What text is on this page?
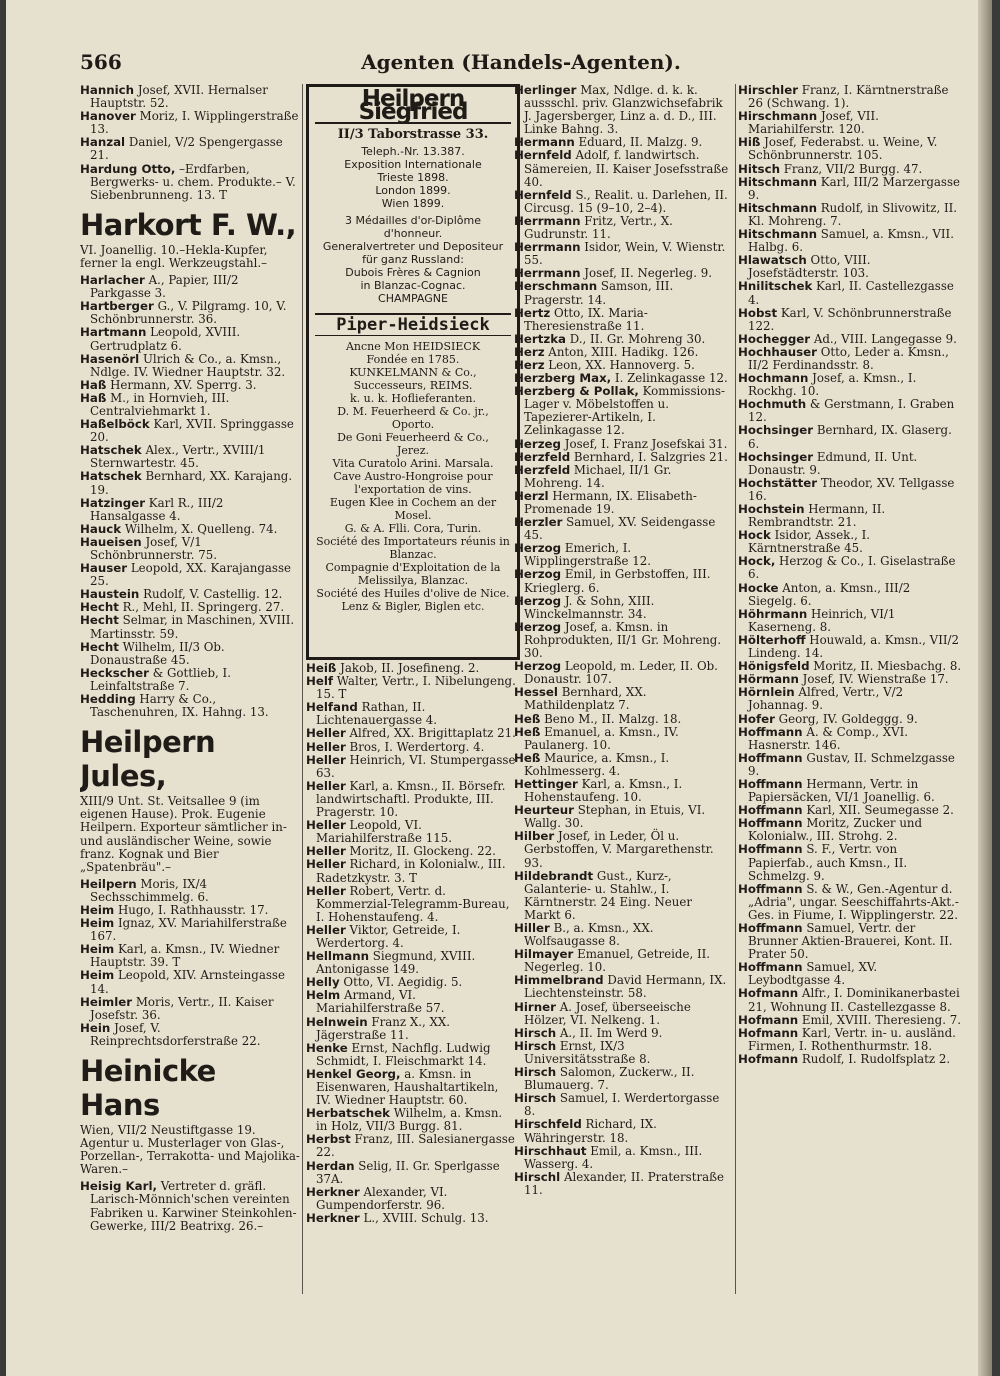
566	Agenten (Handels-Agenten).

Hannich Josef, XVII. Hernalser Hauptstr. 52.

Hanover Moriz, I. Wipplingerstraße 13.

Hanzal Daniel, V/2 Spengergasse 21.

Hardung Otto, –Erdfarben, Bergwerks- u. chem. Produkte.– V. Siebenbrunneng. 13. T

Harkort F. W.,

VI. Joanellig. 10.–Hekla-Kupfer, ferner la engl. Werkzeugstahl.–

Harlacher A., Papier, III/2 Parkgasse 3.

Hartberger G., V. Pilgramg. 10, V. Schönbrunnerstr. 36.

Hartmann Leopold, XVIII. Gertrudplatz 6.

Hasenörl Ulrich & Co., a. Kmsn., Ndlge. IV. Wiedner Hauptstr. 32.

Haß Hermann, XV. Sperrg. 3.

Haß M., in Hornvieh, III. Centralviehmarkt 1.

Haßelböck Karl, XVII. Springgasse 20.

Hatschek Alex., Vertr., XVIII/1 Sternwartestr. 45.

Hatschek Bernhard, XX. Karajang. 19.

Hatzinger Karl R., III/2 Hansalgasse 4.

Hauck Wilhelm, X. Quelleng. 74.

Haueisen Josef, V/1 Schönbrunnerstr. 75.

Hauser Leopold, XX. Karajangasse 25.

Haustein Rudolf, V. Castellig. 12.

Hecht R., Mehl, II. Springerg. 27.

Hecht Selmar, in Maschinen, XVIII. Martinsstr. 59.

Hecht Wilhelm, II/3 Ob. Donaustraße 45.

Heckscher & Gottlieb, I. Leinfaltstraße 7.

Hedding Harry & Co., Taschenuhren, IX. Hahng. 13.

Heilpern Jules,

XIII/9 Unt. St. Veitsallee 9 (im eigenen Hause). Prok. Eugenie Heilpern. Exporteur sämtlicher in- und ausländischer Weine, sowie franz. Kognak und Bier „Spatenbräu".–

Heilpern Moris, IX/4 Sechsschimmelg. 6.

Heim Hugo, I. Rathhausstr. 17.

Heim Ignaz, XV. Mariahilferstraße 167.

Heim Karl, a. Kmsn., IV. Wiedner Hauptstr. 39. T

Heim Leopold, XIV. Arnsteingasse 14.

Heimler Moris, Vertr., II. Kaiser Josefstr. 36.

Hein Josef, V. Reinprechtsdorferstraße 22.

Heinicke Hans

Wien, VII/2 Neustiftgasse 19. Agentur u. Musterlager von Glas-, Porzellan-, Terrakotta- und Majolika-Waren.–

Heisig Karl, Vertreter d. gräfl. Larisch-Mönnich'schen vereinten Fabriken u. Karwiner Steinkohlen-Gewerke, III/2 Beatrixg. 26.–

Heilpern Siegfried
II/3 Taborstrasse 33.
Teleph.-Nr. 13.387.
Exposition Internationale
Trieste 1898.
London 1899.
Wien 1899.
3 Médailles d'or-Diplôme d'honneur.
Generalvertreter und Depositeur
für ganz Russland:
Dubois Frères & Cagnion
in Blanzac-Cognac.
CHAMPAGNE
Piper-Heidsieck
Ancne Mon HEIDSIECK
Fondée en 1785.
KUNKELMANN & Co., Successeurs, REIMS.
k. u. k. Hoflieferanten.
D. M. Feuerheerd & Co. jr.,
Oporto.
De Goni Feuerheerd & Co.,
Jerez.
Vita Curatolo Arini. Marsala.
Cave Austro-Hongroise pour l'exportation de vins.
Eugen Klee in Cochem an der Mosel.
G. & A. Flli. Cora, Turin.
Société des Importateurs réunis in Blanzac.
Compagnie d'Exploitation de la Melissilya, Blanzac.
Société des Huiles d'olive de Nice.
Lenz & Bigler, Biglen etc.

Heiß Jakob, II. Josefineng. 2.

Helf Walter, Vertr., I. Nibelungeng. 15. T

Helfand Rathan, II. Lichtenauergasse 4.

Heller Alfred, XX. Brigittaplatz 21.

Heller Bros, I. Werdertorg. 4.

Heller Heinrich, VI. Stumpergasse 63.

Heller Karl, a. Kmsn., II. Börsefr. landwirtschaftl. Produkte, III. Pragerstr. 10.

Heller Leopold, VI. Mariahilferstraße 115.

Heller Moritz, II. Glockeng. 22.

Heller Richard, in Kolonialw., III. Radetzkystr. 3. T

Heller Robert, Vertr. d. Kommerzial-Telegramm-Bureau, I. Hohenstaufeng. 4.

Heller Viktor, Getreide, I. Werdertorg. 4.

Hellmann Siegmund, XVIII. Antonigasse 149.

Helly Otto, VI. Aegidig. 5.

Helm Armand, VI. Mariahilferstraße 57.

Helnwein Franz X., XX. Jägerstraße 11.

Henke Ernst, Nachflg. Ludwig Schmidt, I. Fleischmarkt 14.

Henkel Georg, a. Kmsn. in Eisenwaren, Haushaltartikeln, IV. Wiedner Hauptstr. 60.

Herbatschek Wilhelm, a. Kmsn. in Holz, VII/3 Burgg. 81.

Herbst Franz, III. Salesianergasse 22.

Herdan Selig, II. Gr. Sperlgasse 37A.

Herkner Alexander, VI. Gumpendorferstr. 96.

Herkner L., XVIII. Schulg. 13.

Herlinger Max, Ndlge. d. k. k. aussschl. priv. Glanzwichsefabrik J. Jagersberger, Linz a. d. D., III. Linke Bahng. 3.

Hermann Eduard, II. Malzg. 9.

Hernfeld Adolf, f. landwirtsch. Sämereien, II. Kaiser Josefsstraße 40.

Hernfeld S., Realit. u. Darlehen, II. Circusg. 15 (9–10, 2–4).

Herrmann Fritz, Vertr., X. Gudrunstr. 11.

Herrmann Isidor, Wein, V. Wienstr. 55.

Herrmann Josef, II. Negerleg. 9.

Herschmann Samson, III. Pragerstr. 14.

Hertz Otto, IX. Maria-Theresienstraße 11.

Hertzka D., II. Gr. Mohreng 30.

Herz Anton, XIII. Hadikg. 126.

Herz Leon, XX. Hannoverg. 5.

Herzberg Max, I. Zelinkagasse 12.

Herzberg & Pollak, Kommissions-Lager v. Möbelstoffen u. Tapezierer-Artikeln, I. Zelinkagasse 12.

Herzeg Josef, I. Franz Josefskai 31.

Herzfeld Bernhard, I. Salzgries 21.

Herzfeld Michael, II/1 Gr. Mohreng. 14.

Herzl Hermann, IX. Elisabeth-Promenade 19.

Herzler Samuel, XV. Seidengasse 45.

Herzog Emerich, I. Wipplingerstraße 12.

Herzog Emil, in Gerbstoffen, III. Krieglerg. 6.

Herzog J. & Sohn, XIII. Winckelmannstr. 34.

Herzog Josef, a. Kmsn. in Rohprodukten, II/1 Gr. Mohreng. 30.

Herzog Leopold, m. Leder, II. Ob. Donaustr. 107.

Hessel Bernhard, XX. Mathildenplatz 7.

Heß Beno M., II. Malzg. 18.

Heß Emanuel, a. Kmsn., IV. Paulanerg. 10.

Heß Maurice, a. Kmsn., I. Kohlmesserg. 4.

Hettinger Karl, a. Kmsn., I. Hohenstaufeng. 10.

Heurteur Stephan, in Etuis, VI. Wallg. 30.

Hilber Josef, in Leder, Öl u. Gerbstoffen, V. Margarethenstr. 93.

Hildebrandt Gust., Kurz-, Galanterie- u. Stahlw., I. Kärntnerstr. 24 Eing. Neuer Markt 6.

Hiller B., a. Kmsn., XX. Wolfsaugasse 8.

Hilmayer Emanuel, Getreide, II. Negerleg. 10.

Himmelbrand David Hermann, IX. Liechtensteinstr. 58.

Hirner A. Josef, überseeische Hölzer, VI. Nelkeng. 1.

Hirsch A., II. Im Werd 9.

Hirsch Ernst, IX/3 Universitätsstraße 8.

Hirsch Salomon, Zuckerw., II. Blumauerg. 7.

Hirsch Samuel, I. Werdertorgasse 8.

Hirschfeld Richard, IX. Währingerstr. 18.

Hirschhaut Emil, a. Kmsn., III. Wasserg. 4.

Hirschl Alexander, II. Praterstraße 11.

Hirschler Franz, I. Kärntnerstraße 26 (Schwang. 1).

Hirschmann Josef, VII. Mariahilferstr. 120.

Hiß Josef, Federabst. u. Weine, V. Schönbrunnerstr. 105.

Hitsch Franz, VII/2 Burgg. 47.

Hitschmann Karl, III/2 Marzergasse 9.

Hitschmann Rudolf, in Slivowitz, II. Kl. Mohreng. 7.

Hitschmann Samuel, a. Kmsn., VII. Halbg. 6.

Hlawatsch Otto, VIII. Josefstädterstr. 103.

Hnilitschek Karl, II. Castellezgasse 4.

Hobst Karl, V. Schönbrunnerstraße 122.

Hochegger Ad., VIII. Langegasse 9.

Hochhauser Otto, Leder a. Kmsn., II/2 Ferdinandsstr. 8.

Hochmann Josef, a. Kmsn., I. Rockhg. 10.

Hochmuth & Gerstmann, I. Graben 12.

Hochsinger Bernhard, IX. Glaserg. 6.

Hochsinger Edmund, II. Unt. Donaustr. 9.

Hochstätter Theodor, XV. Tellgasse 16.

Hochstein Hermann, II. Rembrandtstr. 21.

Hock Isidor, Assek., I. Kärntnerstraße 45.

Hock, Herzog & Co., I. Giselastraße 6.

Hocke Anton, a. Kmsn., III/2 Siegelg. 6.

Höhrmann Heinrich, VI/1 Kaserneng. 8.

Hölterhoff Houwald, a. Kmsn., VII/2 Lindeng. 14.

Hönigsfeld Moritz, II. Miesbachg. 8.

Hörmann Josef, IV. Wienstraße 17.

Hörnlein Alfred, Vertr., V/2 Johannag. 9.

Hofer Georg, IV. Goldeggg. 9.

Hoffmann A. & Comp., XVI. Hasnerstr. 146.

Hoffmann Gustav, II. Schmelzgasse 9.

Hoffmann Hermann, Vertr. in Papiersäcken, VI/1 Joanellig. 6.

Hoffmann Karl, XII. Seumegasse 2.

Hoffmann Moritz, Zucker und Kolonialw., III. Strohg. 2.

Hoffmann S. F., Vertr. von Papierfab., auch Kmsn., II. Schmelzg. 9.

Hoffmann S. & W., Gen.-Agentur d. „Adria", ungar. Seeschiffahrts-Akt.-Ges. in Fiume, I. Wipplingerstr. 22.

Hoffmann Samuel, Vertr. der Brunner Aktien-Brauerei, Kont. II. Prater 50.

Hoffmann Samuel, XV. Leybodtgasse 4.

Hofmann Alfr., I. Dominikanerbastei 21, Wohnung II. Castellezgasse 8.

Hofmann Emil, XVIII. Theresieng. 7.

Hofmann Karl, Vertr. in- u. ausländ. Firmen, I. Rothenthurmstr. 18.

Hofmann Rudolf, I. Rudolfsplatz 2.
